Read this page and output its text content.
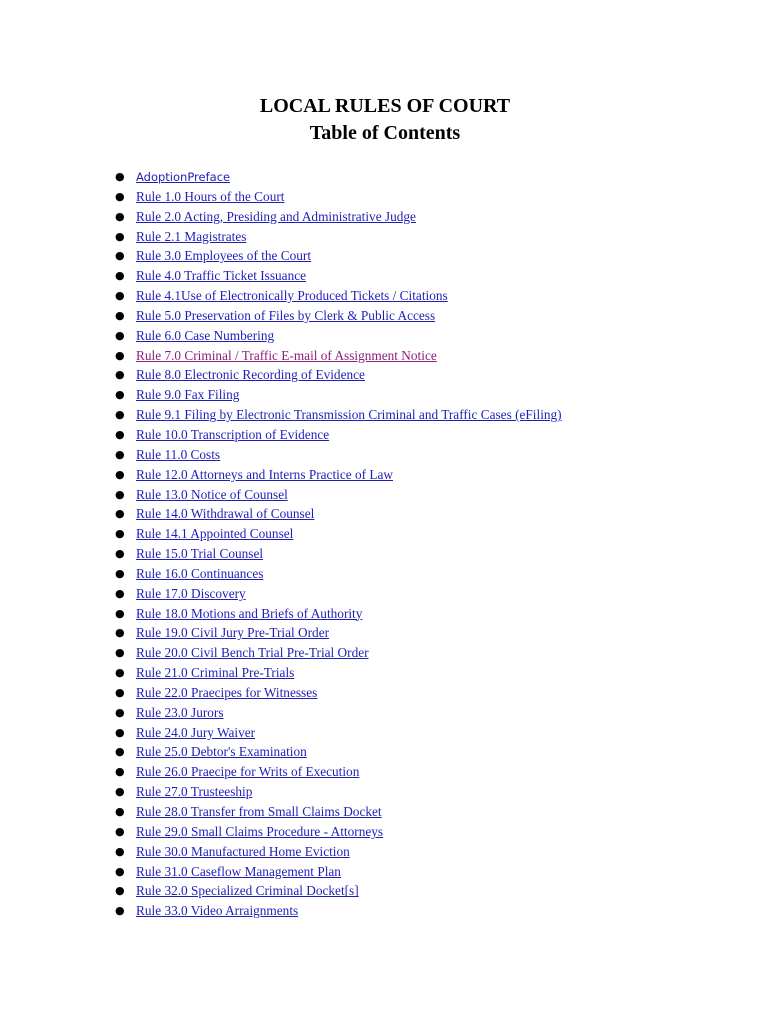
LOCAL RULES OF COURT
Table of Contents
● AdoptionPreface
● Rule 1.0 Hours of the Court
● Rule 2.0 Acting, Presiding and Administrative Judge
● Rule 2.1 Magistrates
● Rule 3.0 Employees of the Court
● Rule 4.0 Traffic Ticket Issuance
● Rule 4.1Use of Electronically Produced Tickets / Citations
● Rule 5.0 Preservation of Files by Clerk & Public Access
● Rule 6.0 Case Numbering
● Rule 7.0 Criminal / Traffic E-mail of Assignment Notice
● Rule 8.0 Electronic Recording of Evidence
● Rule 9.0 Fax Filing
● Rule 9.1 Filing by Electronic Transmission Criminal and Traffic Cases (eFiling)
● Rule 10.0 Transcription of Evidence
● Rule 11.0 Costs
● Rule 12.0 Attorneys and Interns Practice of Law
● Rule 13.0 Notice of Counsel
● Rule 14.0 Withdrawal of Counsel
● Rule 14.1 Appointed Counsel
● Rule 15.0 Trial Counsel
● Rule 16.0 Continuances
● Rule 17.0 Discovery
● Rule 18.0 Motions and Briefs of Authority
● Rule 19.0 Civil Jury Pre-Trial Order
● Rule 20.0 Civil Bench Trial Pre-Trial Order
● Rule 21.0 Criminal Pre-Trials
● Rule 22.0 Praecipes for Witnesses
● Rule 23.0 Jurors
● Rule 24.0 Jury Waiver
● Rule 25.0 Debtor's Examination
● Rule 26.0 Praecipe for Writs of Execution
● Rule 27.0 Trusteeship
● Rule 28.0 Transfer from Small Claims Docket
● Rule 29.0 Small Claims Procedure - Attorneys
● Rule 30.0 Manufactured Home Eviction
● Rule 31.0 Caseflow Management Plan
● Rule 32.0 Specialized Criminal Docket[s]
● Rule 33.0 Video Arraignments
